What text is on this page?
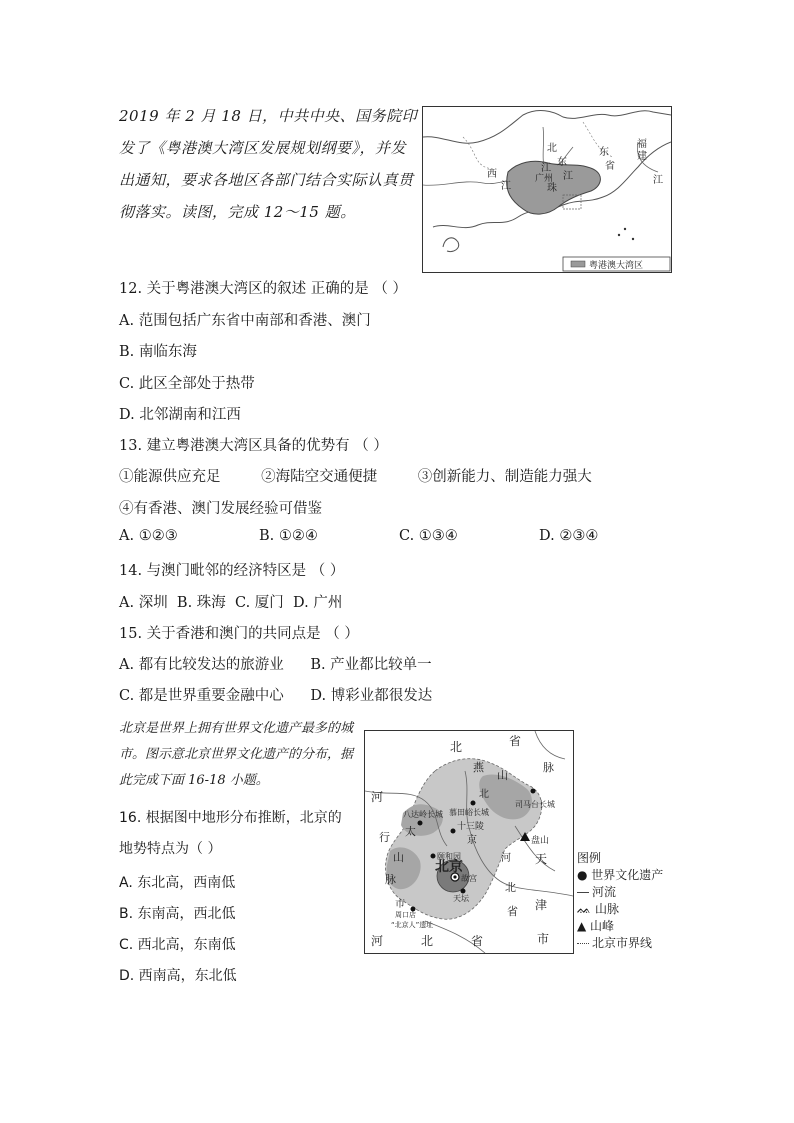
2019 年 2 月 18 日，中共中央、国务院印发了《粤港澳大湾区发展规划纲要》，并发出通知，要求各地区各部门结合实际认真贯彻落实。读图，完成 12～15 题。
西
江
北
江
广州
东
江
珠
东
省
福
建
江
粤港澳大湾区
12. 关于粤港澳大湾区的叙述 正确的是 （ ）
A. 范围包括广东省中南部和香港、澳门
B. 南临东海
C. 此区全部处于热带
D. 北邻湖南和江西
13. 建立粤港澳大湾区具备的优势有 （ ）
①能源供应充足	②海陆空交通便捷	③创新能力、制造能力强大
④有香港、澳门发展经验可借鉴
A. ①②③	B. ①②④	C. ①③④	D. ②③④
14. 与澳门毗邻的经济特区是 （ ）
A. 深圳  B. 珠海  C. 厦门  D. 广州
15. 关于香港和澳门的共同点是 （ ）
A. 都有比较发达的旅游业 B. 产业都比较单一
C. 都是世界重要金融中心 D. 博彩业都很发达
北京是世界上拥有世界文化遗产最多的城市。图示意北京世界文化遗产的分布，据此完成下面 16-18 小题。
北	省
河
燕
山
脉
八达岭长城 慕田峪长城
司马台长城
北
十三陵
京
太
颐和园
盘山
河
山
北京
故宫
天坛
脉
市
行
周口店
“北京人”遗址
天
津
市
北
省
河	北	省
图例
● 世界文化遗产
河流
ᨐ 山脉
▲ 山峰
北京市界线
16. 根据图中地形分布推断，北京的
地势特点为（ ）
A. 东北高，西南低
B. 东南高，西北低
C. 西北高，东南低
D. 西南高，东北低
